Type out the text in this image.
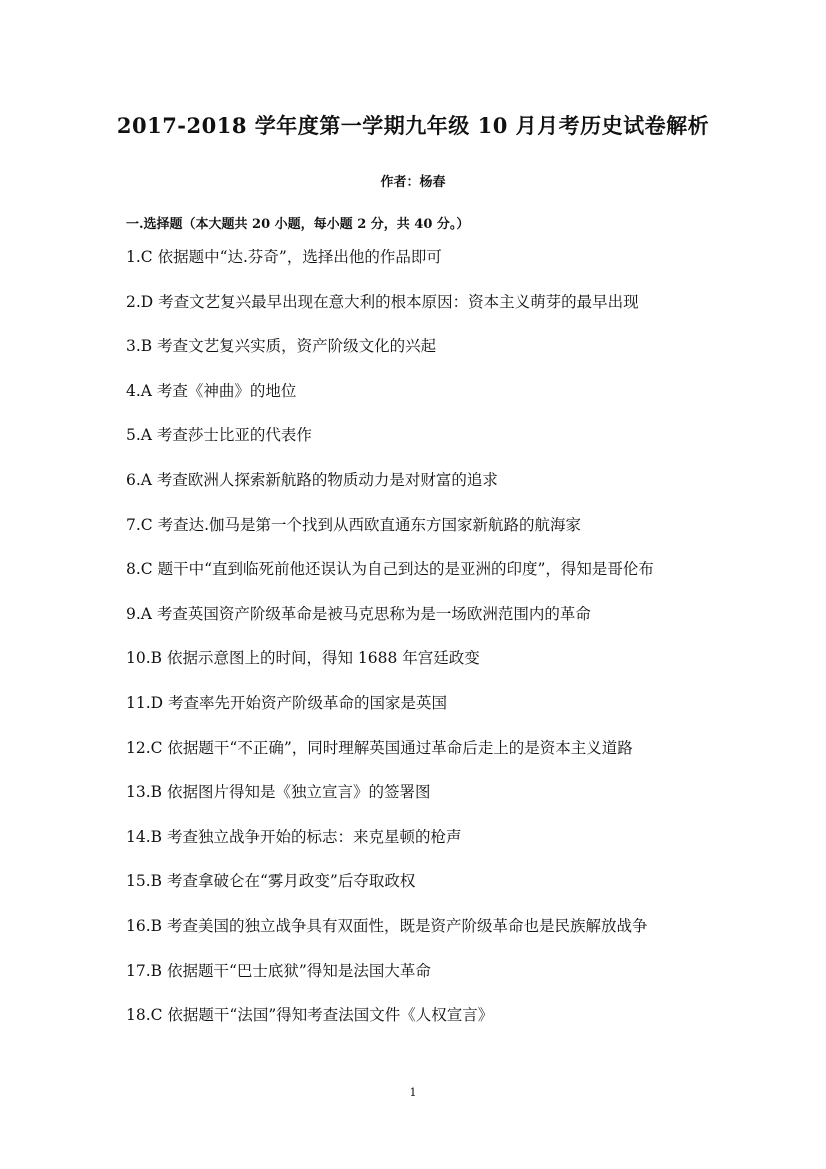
2017-2018 学年度第一学期九年级 10 月月考历史试卷解析
作者：杨春
一.选择题（本大题共 20 小题，每小题 2 分，共 40 分。）
1.C 依据题中“达.芬奇”，选择出他的作品即可
2.D 考查文艺复兴最早出现在意大利的根本原因：资本主义萌芽的最早出现
3.B 考查文艺复兴实质，资产阶级文化的兴起
4.A 考查《神曲》的地位
5.A 考查莎士比亚的代表作
6.A 考查欧洲人探索新航路的物质动力是对财富的追求
7.C 考查达.伽马是第一个找到从西欧直通东方国家新航路的航海家
8.C 题干中“直到临死前他还误认为自己到达的是亚洲的印度”，得知是哥伦布
9.A 考查英国资产阶级革命是被马克思称为是一场欧洲范围内的革命
10.B 依据示意图上的时间，得知 1688 年宫廷政变
11.D 考查率先开始资产阶级革命的国家是英国
12.C 依据题干“不正确”，同时理解英国通过革命后走上的是资本主义道路
13.B 依据图片得知是《独立宣言》的签署图
14.B 考查独立战争开始的标志：来克星顿的枪声
15.B 考查拿破仑在“雾月政变”后夺取政权
16.B 考查美国的独立战争具有双面性，既是资产阶级革命也是民族解放战争
17.B 依据题干“巴士底狱”得知是法国大革命
18.C 依据题干“法国”得知考查法国文件《人权宣言》
1
